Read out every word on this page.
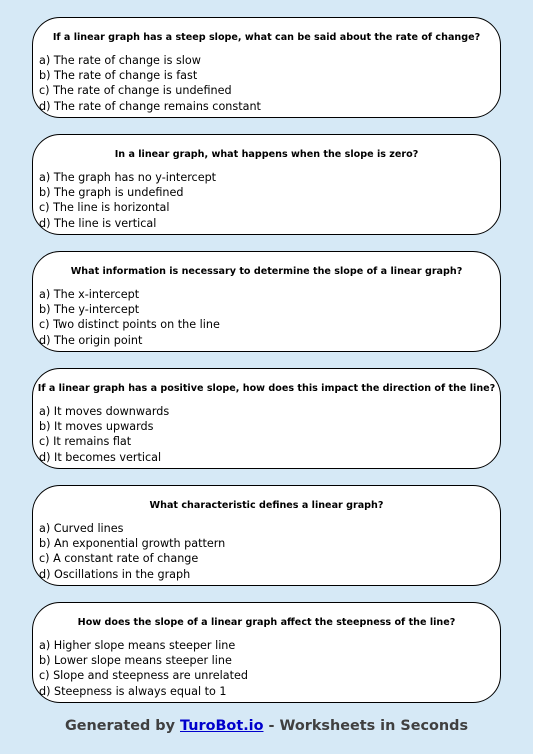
If a linear graph has a steep slope, what can be said about the rate of change?
a) The rate of change is slow
b) The rate of change is fast
c) The rate of change is undefined
d) The rate of change remains constant
In a linear graph, what happens when the slope is zero?
a) The graph has no y-intercept
b) The graph is undefined
c) The line is horizontal
d) The line is vertical
What information is necessary to determine the slope of a linear graph?
a) The x-intercept
b) The y-intercept
c) Two distinct points on the line
d) The origin point
If a linear graph has a positive slope, how does this impact the direction of the line?
a) It moves downwards
b) It moves upwards
c) It remains flat
d) It becomes vertical
What characteristic defines a linear graph?
a) Curved lines
b) An exponential growth pattern
c) A constant rate of change
d) Oscillations in the graph
How does the slope of a linear graph affect the steepness of the line?
a) Higher slope means steeper line
b) Lower slope means steeper line
c) Slope and steepness are unrelated
d) Steepness is always equal to 1
Generated by TuroBot.io - Worksheets in Seconds
